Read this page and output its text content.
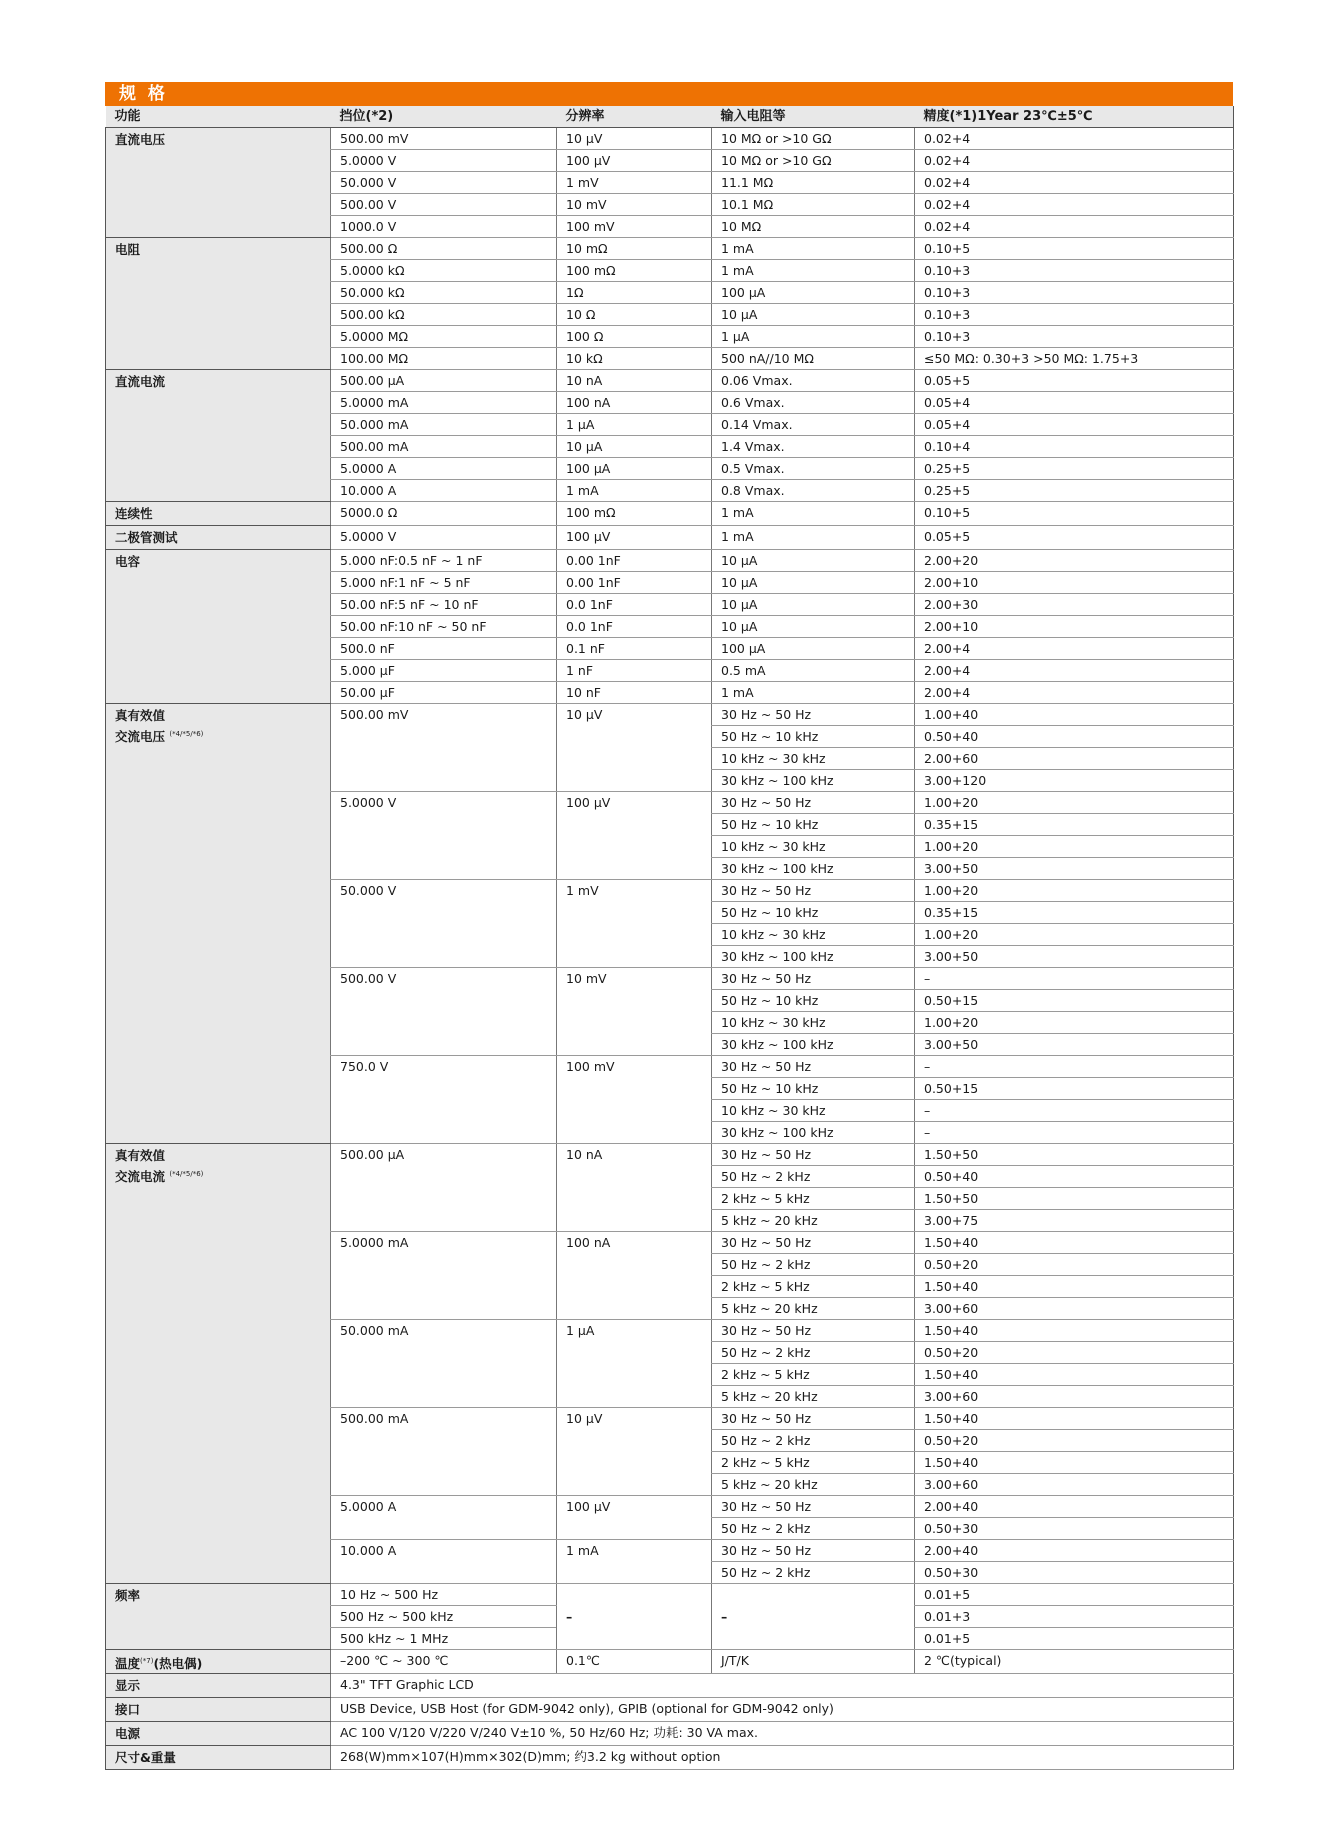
规 格
功能	挡位(*2)	分辨率	输入电阻等	精度(*1)1Year 23℃±5℃
直流电压	500.00 mV	10 μV	10 MΩ or >10 GΩ	0.02+4
	5.0000 V	100 μV	10 MΩ or >10 GΩ	0.02+4
	50.000 V	1 mV	11.1 MΩ	0.02+4
	500.00 V	10 mV	10.1 MΩ	0.02+4
	1000.0 V	100 mV	10 MΩ	0.02+4
电阻	500.00 Ω	10 mΩ	1 mA	0.10+5
	5.0000 kΩ	100 mΩ	1 mA	0.10+3
	50.000 kΩ	1Ω	100 μA	0.10+3
	500.00 kΩ	10 Ω	10 μA	0.10+3
	5.0000 MΩ	100 Ω	1 μA	0.10+3
	100.00 MΩ	10 kΩ	500 nA//10 MΩ	≤50 MΩ: 0.30+3 >50 MΩ: 1.75+3
直流电流	500.00 μA	10 nA	0.06 Vmax.	0.05+5
	5.0000 mA	100 nA	0.6 Vmax.	0.05+4
	50.000 mA	1 μA	0.14 Vmax.	0.05+4
	500.00 mA	10 μA	1.4 Vmax.	0.10+4
	5.0000 A	100 μA	0.5 Vmax.	0.25+5
	10.000 A	1 mA	0.8 Vmax.	0.25+5
连续性	5000.0 Ω	100 mΩ	1 mA	0.10+5
二极管测试	5.0000 V	100 μV	1 mA	0.05+5
电容	5.000 nF:0.5 nF ~ 1 nF	0.00 1nF	10 μA	2.00+20
	5.000 nF:1 nF ~ 5 nF	0.00 1nF	10 μA	2.00+10
	50.00 nF:5 nF ~ 10 nF	0.0 1nF	10 μA	2.00+30
	50.00 nF:10 nF ~ 50 nF	0.0 1nF	10 μA	2.00+10
	500.0 nF	0.1 nF	100 μA	2.00+4
	5.000 μF	1 nF	0.5 mA	2.00+4
	50.00 μF	10 nF	1 mA	2.00+4

真有效值
交流电压 $^{(*4/*5/*6)}$	500.00 mV	10 μV	30 Hz ~ 50 Hz	1.00+40
			50 Hz ~ 10 kHz	0.50+40
			10 kHz ~ 30 kHz	2.00+60
			30 kHz ~ 100 kHz	3.00+120
	5.0000 V	100 μV	30 Hz ~ 50 Hz	1.00+20
			50 Hz ~ 10 kHz	0.35+15
			10 kHz ~ 30 kHz	1.00+20
			30 kHz ~ 100 kHz	3.00+50
	50.000 V	1 mV	30 Hz ~ 50 Hz	1.00+20
			50 Hz ~ 10 kHz	0.35+15
			10 kHz ~ 30 kHz	1.00+20
			30 kHz ~ 100 kHz	3.00+50
	500.00 V	10 mV	30 Hz ~ 50 Hz	–
			50 Hz ~ 10 kHz	0.50+15
			10 kHz ~ 30 kHz	1.00+20
			30 kHz ~ 100 kHz	3.00+50
	750.0 V	100 mV	30 Hz ~ 50 Hz	–
			50 Hz ~ 10 kHz	0.50+15
			10 kHz ~ 30 kHz	–
			30 kHz ~ 100 kHz	–

真有效值
交流电流 $^{(*4/*5/*6)}$	500.00 μA	10 nA	30 Hz ~ 50 Hz	1.50+50
			50 Hz ~ 2 kHz	0.50+40
			2 kHz ~ 5 kHz	1.50+50
			5 kHz ~ 20 kHz	3.00+75
	5.0000 mA	100 nA	30 Hz ~ 50 Hz	1.50+40
			50 Hz ~ 2 kHz	0.50+20
			2 kHz ~ 5 kHz	1.50+40
			5 kHz ~ 20 kHz	3.00+60
	50.000 mA	1 μA	30 Hz ~ 50 Hz	1.50+40
			50 Hz ~ 2 kHz	0.50+20
			2 kHz ~ 5 kHz	1.50+40
			5 kHz ~ 20 kHz	3.00+60
	500.00 mA	10 μV	30 Hz ~ 50 Hz	1.50+40
			50 Hz ~ 2 kHz	0.50+20
			2 kHz ~ 5 kHz	1.50+40
			5 kHz ~ 20 kHz	3.00+60
	5.0000 A	100 μV	30 Hz ~ 50 Hz	2.00+40
			50 Hz ~ 2 kHz	0.50+30
	10.000 A	1 mA	30 Hz ~ 50 Hz	2.00+40
			50 Hz ~ 2 kHz	0.50+30
频率	10 Hz ~ 500 Hz	–	–	0.01+5
	500 Hz ~ 500 kHz			0.01+3
	500 kHz ~ 1 MHz			0.01+5
温度$^{(*7)}$(热电偶)	–200 ℃ ~ 300 ℃	0.1℃	J/T/K	2 ℃(typical)
显示	4.3" TFT Graphic LCD			
接口	USB Device, USB Host (for GDM-9042 only), GPIB (optional for GDM-9042 only)			
电源	AC 100 V/120 V/220 V/240 V±10 %, 50 Hz/60 Hz; 功耗: 30 VA max.			
尺寸&重量	268(W)mm×107(H)mm×302(D)mm; 约3.2 kg without option			
